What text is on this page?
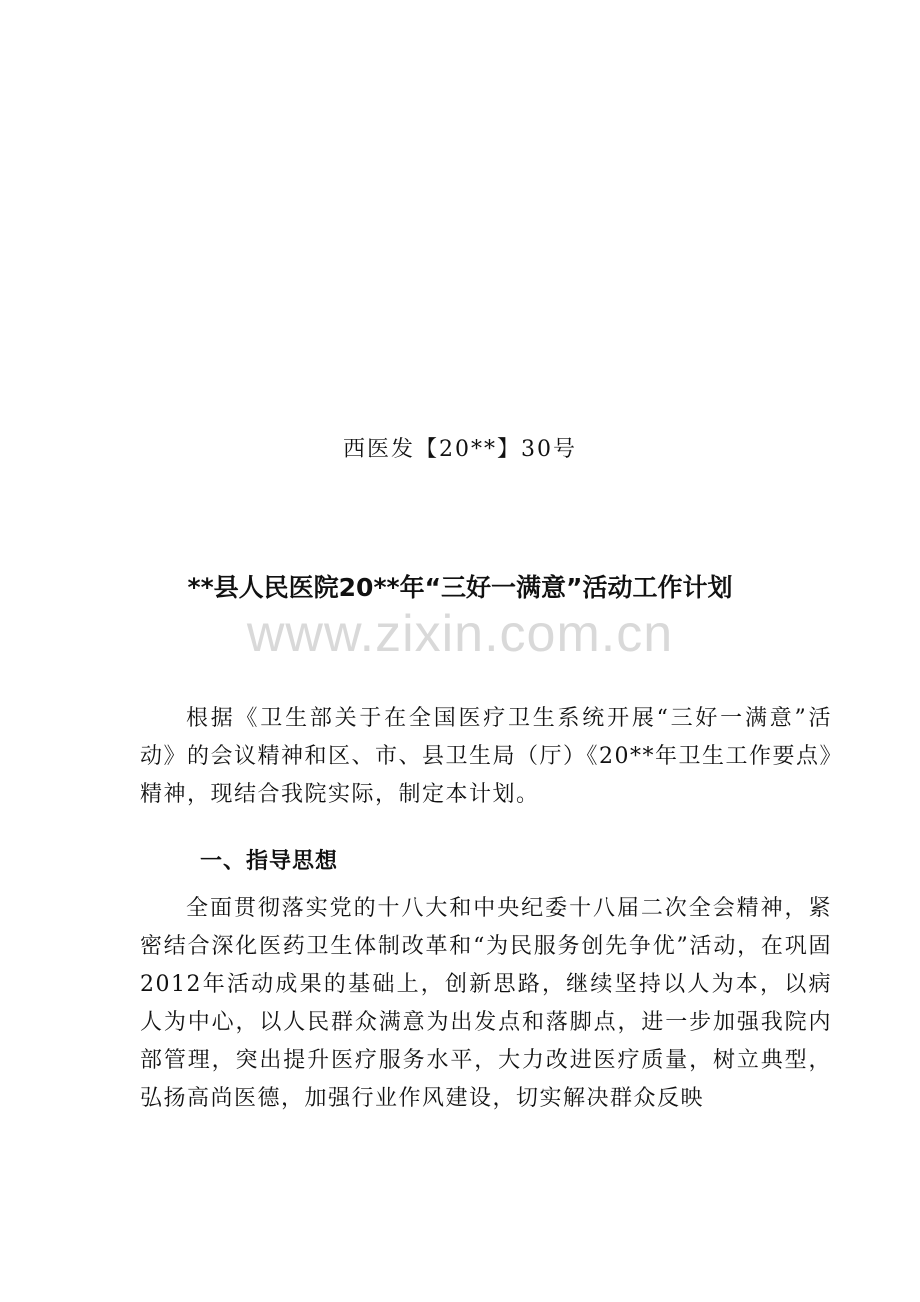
西医发【20**】30号
**县人民医院20**年“三好一满意”活动工作计划
www.zixin.com.cn
根据《卫生部关于在全国医疗卫生系统开展“三好一满意”活动》的会议精神和区、市、县卫生局（厅）《20**年卫生工作要点》精神，现结合我院实际，制定本计划。
一、指导思想
全面贯彻落实党的十八大和中央纪委十八届二次全会精神，紧密结合深化医药卫生体制改革和“为民服务创先争优”活动，在巩固2012年活动成果的基础上，创新思路，继续坚持以人为本，以病人为中心，以人民群众满意为出发点和落脚点，进一步加强我院内部管理，突出提升医疗服务水平，大力改进医疗质量，树立典型，弘扬高尚医德，加强行业作风建设，切实解决群众反映
